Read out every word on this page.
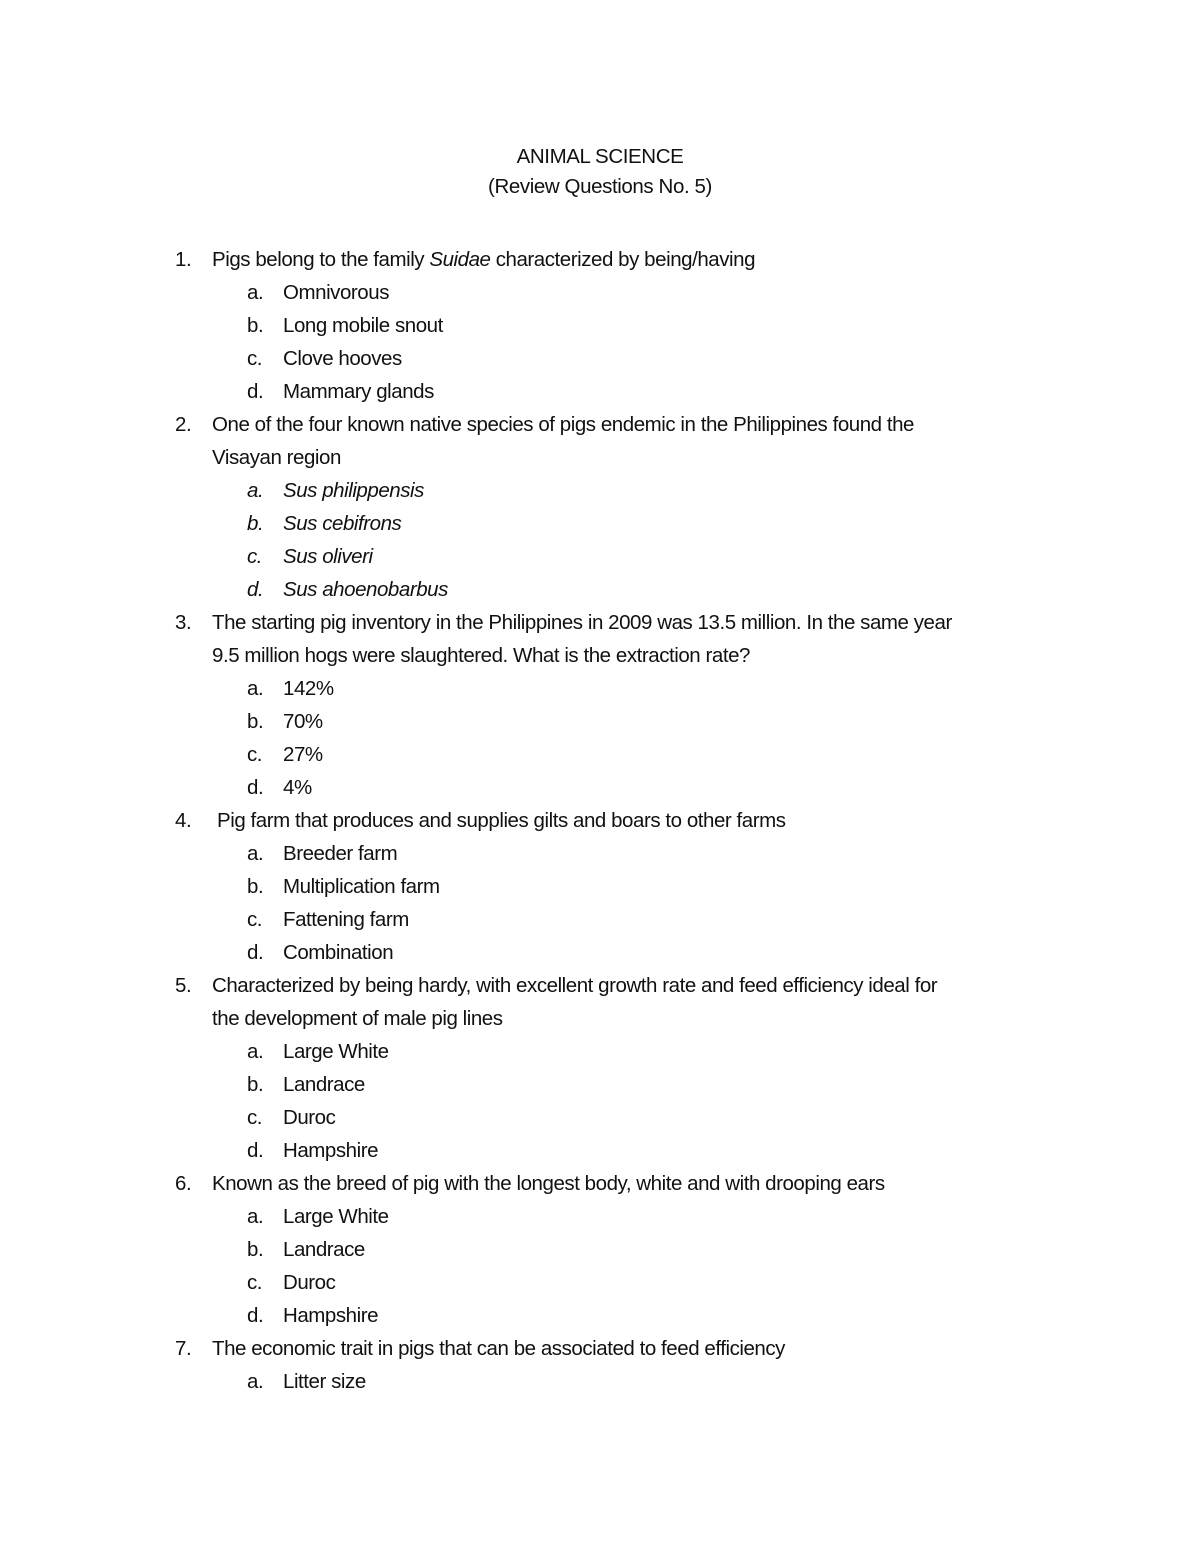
ANIMAL SCIENCE
(Review Questions No. 5)
1.	Pigs belong to the family Suidae characterized by being/having
a. Omnivorous
b. Long mobile snout
c.	Clove hooves
d. Mammary glands
2.	One of the four known native species of pigs endemic in the Philippines found the
Visayan region
a. Sus philippensis
b. Sus cebifrons
c.	Sus oliveri
d. Sus ahoenobarbus
3.	The starting pig inventory in the Philippines in 2009 was 13.5 million. In the same year
9.5 million hogs were slaughtered. What is the extraction rate?
a. 142%
b. 70%
c.	27%
d. 4%
4.	Pig farm that produces and supplies gilts and boars to other farms
a. Breeder farm
b. Multiplication farm
c.	Fattening farm
d. Combination
5.	Characterized by being hardy, with excellent growth rate and feed efficiency ideal for
the development of male pig lines
a. Large White
b. Landrace
c.	Duroc
d. Hampshire
6.	Known as the breed of pig with the longest body, white and with drooping ears
a. Large White
b. Landrace
c.	Duroc
d. Hampshire
7.	The economic trait in pigs that can be associated to feed efficiency
a. Litter size
